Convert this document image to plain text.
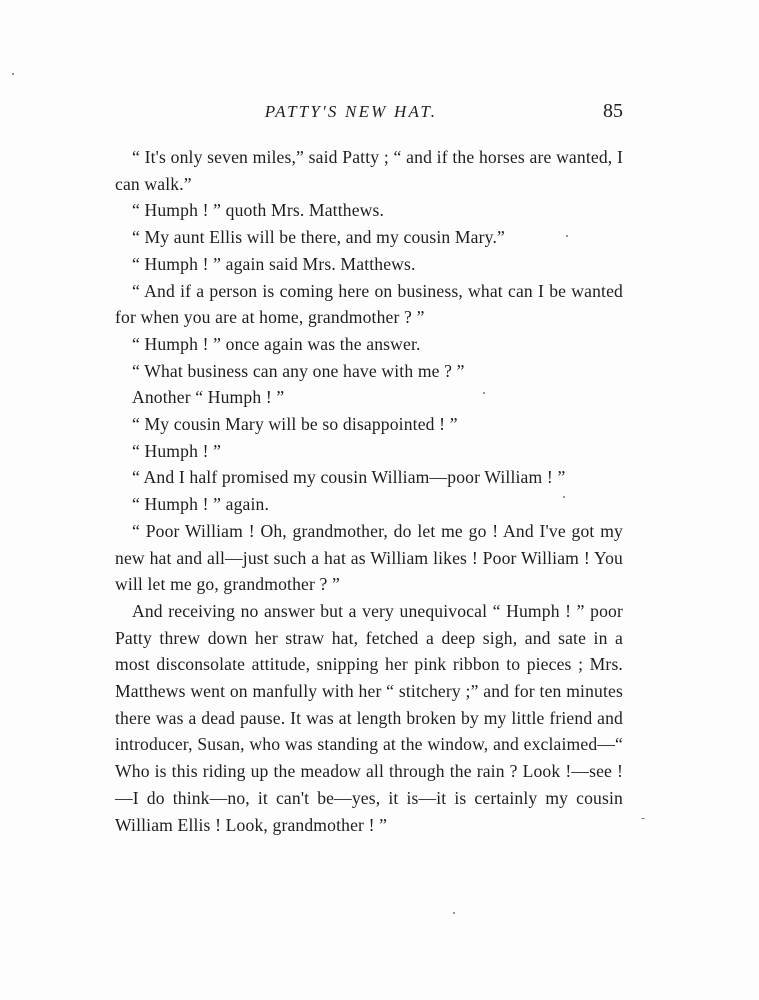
PATTY'S NEW HAT.	85

“ It's only seven miles,” said Patty ; “ and if the horses are wanted, I can walk.”

“ Humph ! ” quoth Mrs. Matthews.

“ My aunt Ellis will be there, and my cousin Mary.”

“ Humph ! ” again said Mrs. Matthews.

“ And if a person is coming here on business, what can I be wanted for when you are at home, grandmother ? ”

“ Humph ! ” once again was the answer.

“ What business can any one have with me ? ”

Another “ Humph ! ”

“ My cousin Mary will be so disappointed ! ”

“ Humph ! ”

“ And I half promised my cousin William—poor William ! ”

“ Humph ! ” again.

“ Poor William ! Oh, grandmother, do let me go ! And I've got my new hat and all—just such a hat as William likes ! Poor William ! You will let me go, grandmother ? ”

And receiving no answer but a very unequivocal “ Humph ! ” poor Patty threw down her straw hat, fetched a deep sigh, and sate in a most disconsolate attitude, snipping her pink ribbon to pieces ; Mrs. Matthews went on manfully with her “ stitchery ;” and for ten minutes there was a dead pause. It was at length broken by my little friend and introducer, Susan, who was standing at the window, and exclaimed—“ Who is this riding up the meadow all through the rain ? Look !—see !—I do think—no, it can't be—yes, it is—it is certainly my cousin William Ellis ! Look, grandmother ! ”
